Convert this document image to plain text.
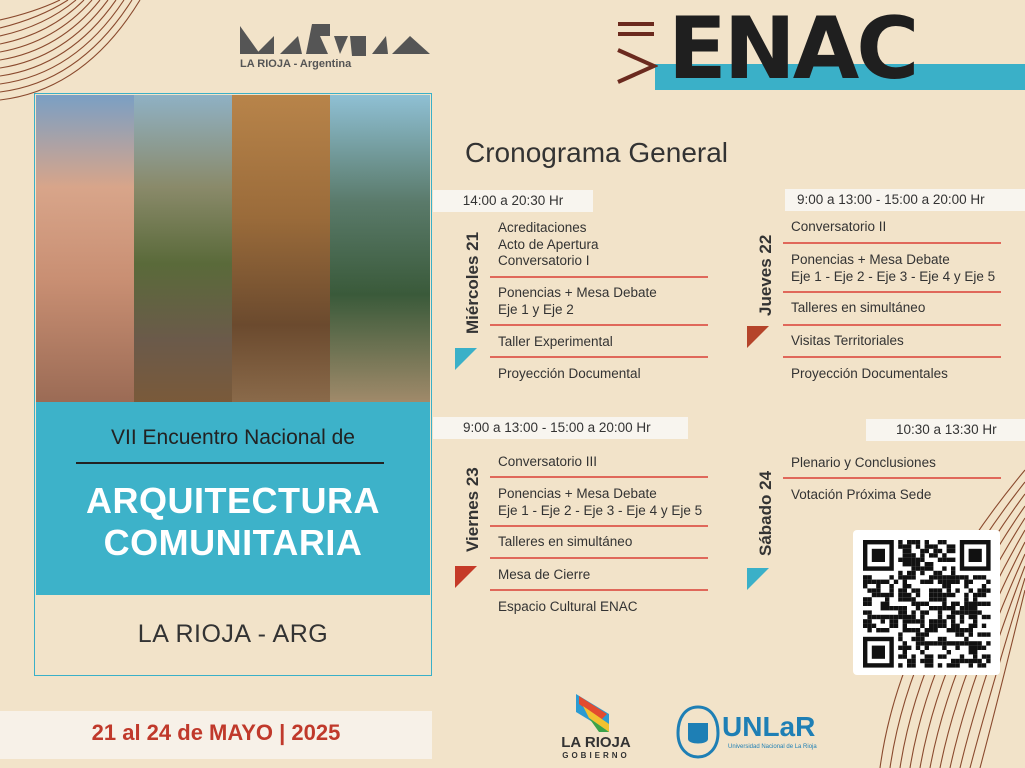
LA RIOJA - Argentina	ENAC
VII
VII Encuentro Nacional de
ARQUITECTURA
COMUNITARIA
LA RIOJA - ARG
21 al 24 de MAYO | 2025
Cronograma General
14:00 a 20:30 Hr
Miércoles 21
Acreditaciones
Acto de Apertura
Conversatorio I
Ponencias + Mesa Debate
Eje 1 y Eje 2
Taller Experimental
Proyección Documental
9:00 a 13:00 - 15:00 a 20:00 Hr
Jueves 22
Conversatorio II
Ponencias + Mesa Debate
Eje 1 - Eje 2 - Eje 3 - Eje 4 y Eje 5
Talleres en simultáneo
Visitas Territoriales
Proyección Documentales
9:00 a 13:00 - 15:00 a 20:00 Hr
Viernes 23
Conversatorio III
Ponencias + Mesa Debate
Eje 1 - Eje 2 - Eje 3 - Eje 4 y Eje 5
Talleres en simultáneo
Mesa de Cierre
Espacio Cultural ENAC
10:30 a 13:30 Hr
Sábado 24
Plenario y Conclusiones
Votación Próxima Sede
LA RIOJA
GOBIERNO
UNLaR
Universidad Nacional de La Rioja
